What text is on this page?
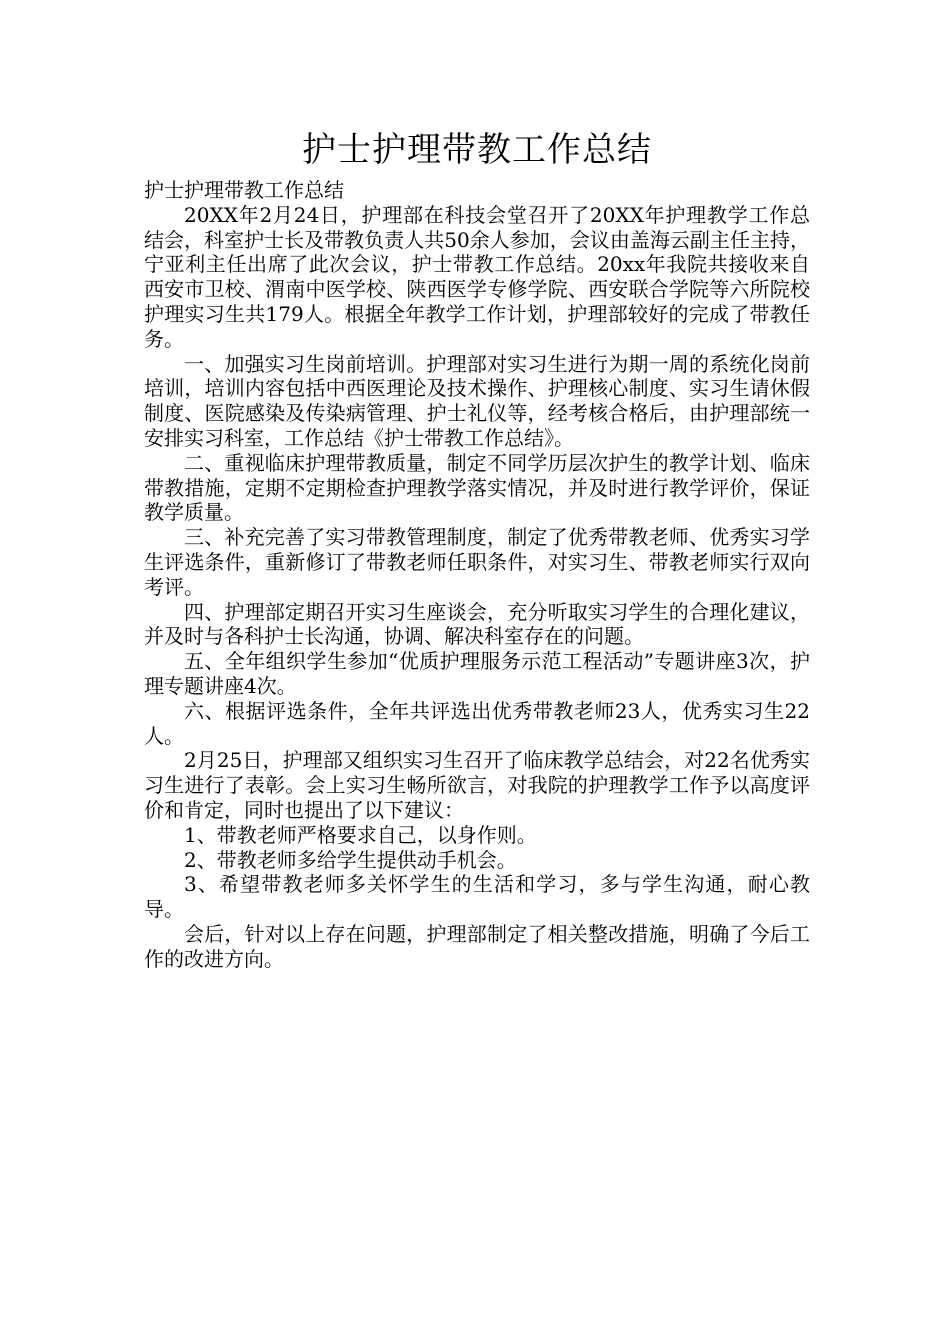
护士护理带教工作总结

护士护理带教工作总结

20XX年2月24日，护理部在科技会堂召开了20XX年护理教学工作总结会，科室护士长及带教负责人共50余人参加，会议由盖海云副主任主持，宁亚利主任出席了此次会议，护士带教工作总结。20xx年我院共接收来自西安市卫校、渭南中医学校、陕西医学专修学院、西安联合学院等六所院校护理实习生共179人。根据全年教学工作计划，护理部较好的完成了带教任务。

一、加强实习生岗前培训。护理部对实习生进行为期一周的系统化岗前培训，培训内容包括中西医理论及技术操作、护理核心制度、实习生请休假制度、医院感染及传染病管理、护士礼仪等，经考核合格后，由护理部统一安排实习科室，工作总结《护士带教工作总结》。

二、重视临床护理带教质量，制定不同学历层次护生的教学计划、临床带教措施，定期不定期检查护理教学落实情况，并及时进行教学评价，保证教学质量。

三、补充完善了实习带教管理制度，制定了优秀带教老师、优秀实习学生评选条件，重新修订了带教老师任职条件，对实习生、带教老师实行双向考评。

四、护理部定期召开实习生座谈会，充分听取实习学生的合理化建议，并及时与各科护士长沟通，协调、解决科室存在的问题。

五、全年组织学生参加“优质护理服务示范工程活动”专题讲座3次，护理专题讲座4次。

六、根据评选条件，全年共评选出优秀带教老师23人，优秀实习生22人。

2月25日，护理部又组织实习生召开了临床教学总结会，对22名优秀实习生进行了表彰。会上实习生畅所欲言，对我院的护理教学工作予以高度评价和肯定，同时也提出了以下建议：

1、带教老师严格要求自己，以身作则。

2、带教老师多给学生提供动手机会。

3、希望带教老师多关怀学生的生活和学习，多与学生沟通，耐心教导。

会后，针对以上存在问题，护理部制定了相关整改措施，明确了今后工作的改进方向。
